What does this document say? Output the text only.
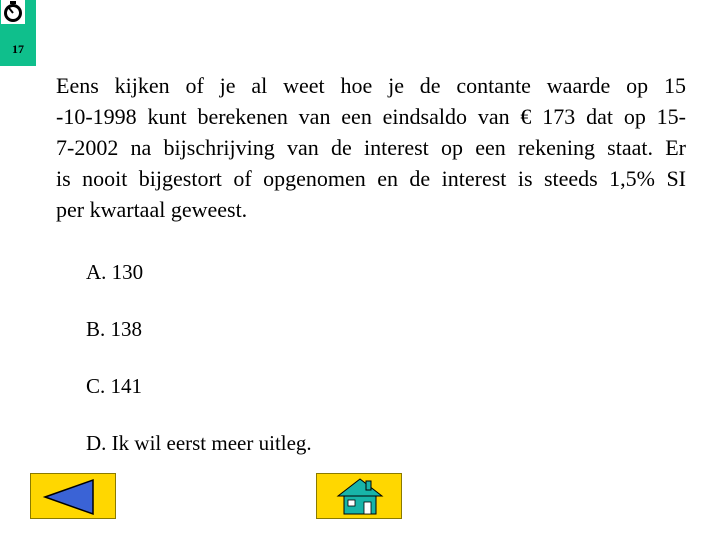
17
Eens kijken of je al weet hoe je de contante waarde op 15
-10-1998 kunt berekenen van een eindsaldo van € 173 dat op 15-
7-2002 na bijschrijving van de interest op een rekening staat. Er
is nooit bijgestort of opgenomen en de interest is steeds 1,5% SI
per kwartaal geweest.
A. 130
B. 138
C. 141
D. Ik wil eerst meer uitleg.
